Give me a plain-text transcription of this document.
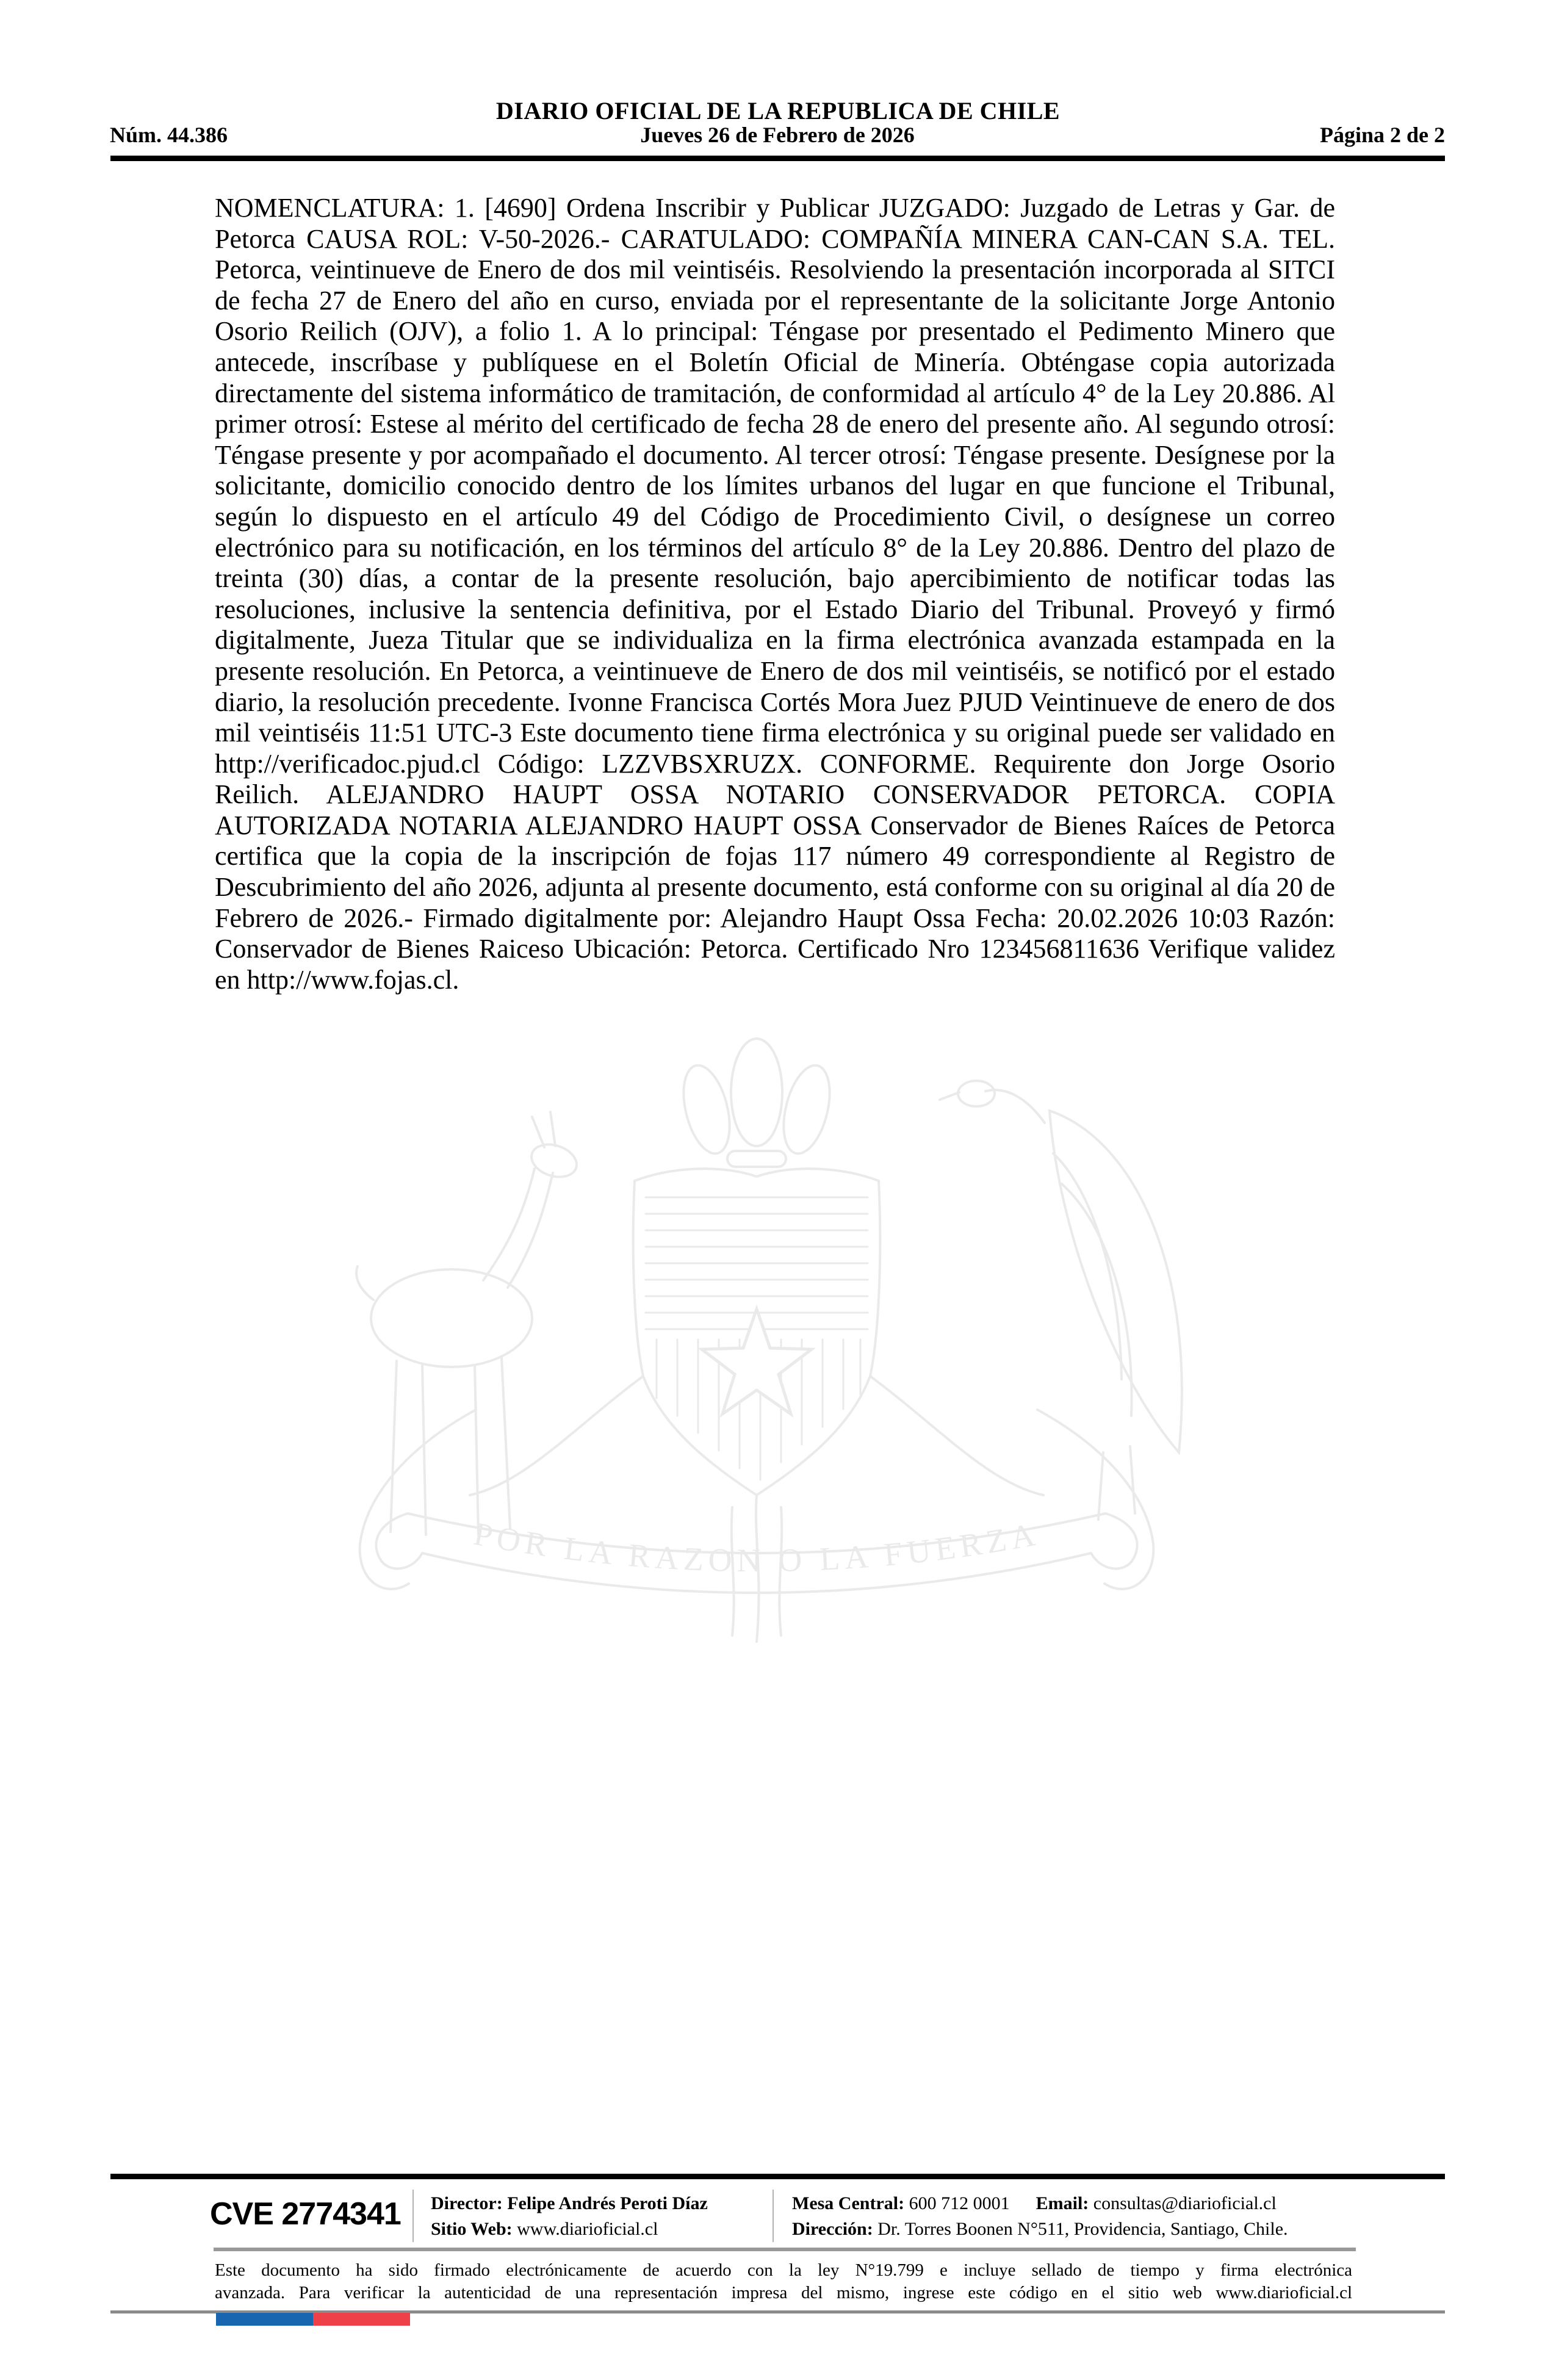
DIARIO OFICIAL DE LA REPUBLICA DE CHILE
Núm. 44.386	Jueves 26 de Febrero de 2026	Página 2 de 2

NOMENCLATURA: 1. [4690] Ordena Inscribir y Publicar JUZGADO: Juzgado de Letras y Gar. de Petorca CAUSA ROL: V-50-2026.- CARATULADO: COMPAÑÍA MINERA CAN-CAN S.A. TEL. Petorca, veintinueve de Enero de dos mil veintiséis. Resolviendo la presentación incorporada al SITCI de fecha 27 de Enero del año en curso, enviada por el representante de la solicitante Jorge Antonio Osorio Reilich (OJV), a folio 1. A lo principal: Téngase por presentado el Pedimento Minero que antecede, inscríbase y publíquese en el Boletín Oficial de Minería. Obténgase copia autorizada directamente del sistema informático de tramitación, de conformidad al artículo 4° de la Ley 20.886. Al primer otrosí: Estese al mérito del certificado de fecha 28 de enero del presente año. Al segundo otrosí: Téngase presente y por acompañado el documento. Al tercer otrosí: Téngase presente. Desígnese por la solicitante, domicilio conocido dentro de los límites urbanos del lugar en que funcione el Tribunal, según lo dispuesto en el artículo 49 del Código de Procedimiento Civil, o desígnese un correo electrónico para su notificación, en los términos del artículo 8° de la Ley 20.886. Dentro del plazo de treinta (30) días, a contar de la presente resolución, bajo apercibimiento de notificar todas las resoluciones, inclusive la sentencia definitiva, por el Estado Diario del Tribunal. Proveyó y firmó digitalmente, Jueza Titular que se individualiza en la firma electrónica avanzada estampada en la presente resolución. En Petorca, a veintinueve de Enero de dos mil veintiséis, se notificó por el estado diario, la resolución precedente. Ivonne Francisca Cortés Mora Juez PJUD Veintinueve de enero de dos mil veintiséis 11:51 UTC-3 Este documento tiene firma electrónica y su original puede ser validado en http://verificadoc.pjud.cl Código: LZZVBSXRUZX. CONFORME. Requirente don Jorge Osorio Reilich. ALEJANDRO HAUPT OSSA NOTARIO CONSERVADOR PETORCA. COPIA AUTORIZADA NOTARIA ALEJANDRO HAUPT OSSA Conservador de Bienes Raíces de Petorca certifica que la copia de la inscripción de fojas 117 número 49 correspondiente al Registro de Descubrimiento del año 2026, adjunta al presente documento, está conforme con su original al día 20 de Febrero de 2026.- Firmado digitalmente por: Alejandro Haupt Ossa Fecha: 20.02.2026 10:03 Razón: Conservador de Bienes Raiceso Ubicación: Petorca. Certificado Nro 123456811636 Verifique validez en http://www.fojas.cl.

POR LA RAZON O LA FUERZA
CVE 2774341 Director: Felipe Andrés Peroti Díaz
Sitio Web: www.diarioficial.cl
Mesa Central: 600 712 0001 Email: consultas@diarioficial.cl
Dirección: Dr. Torres Boonen N°511, Providencia, Santiago, Chile.
Este documento ha sido firmado electrónicamente de acuerdo con la ley N°19.799 e incluye sellado de tiempo y firma electrónica
avanzada. Para verificar la autenticidad de una representación impresa del mismo, ingrese este código en el sitio web www.diarioficial.cl
